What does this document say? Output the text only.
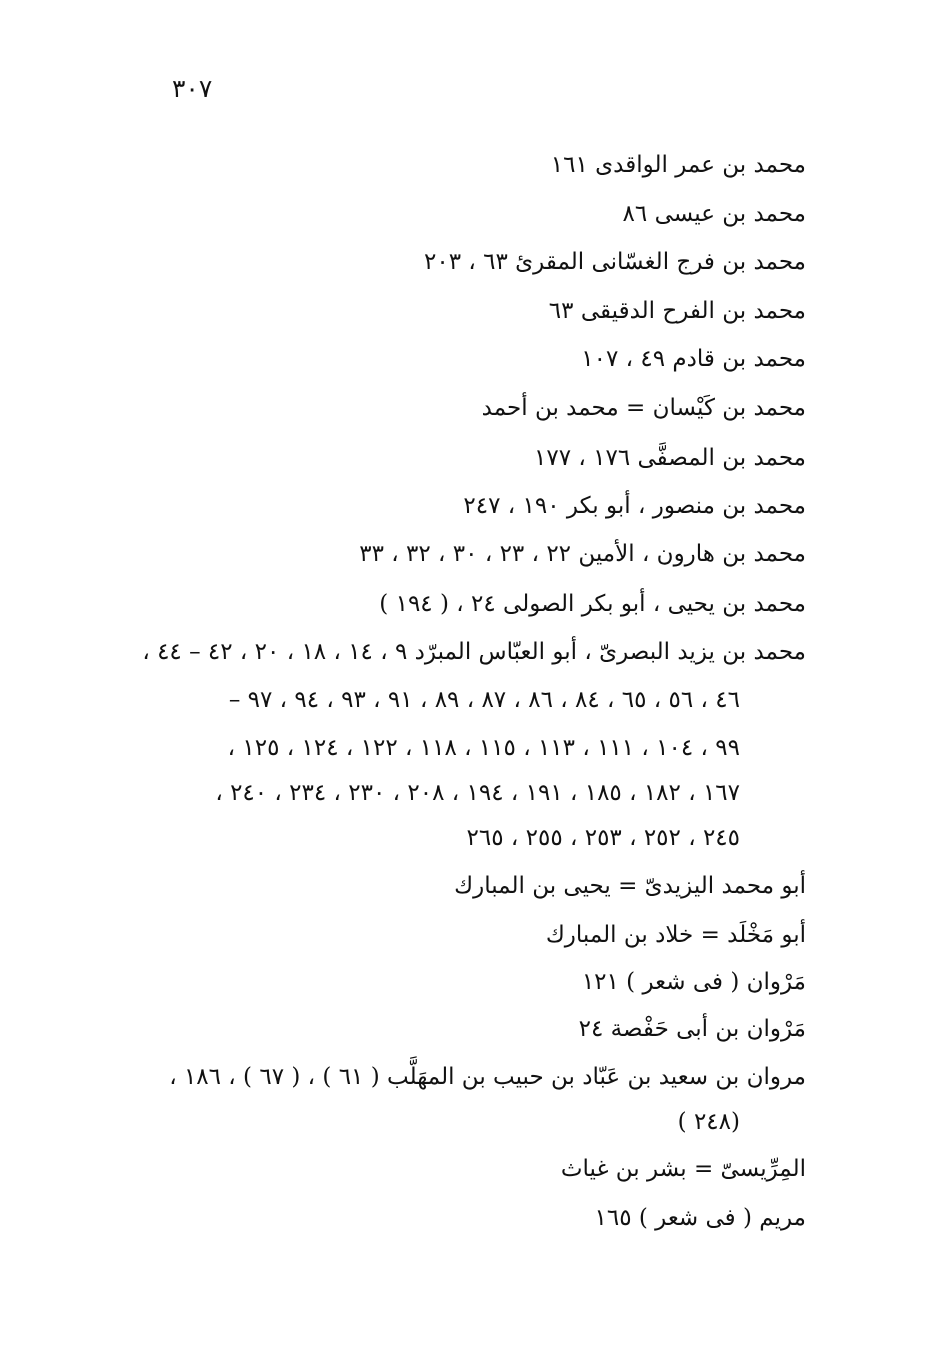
٣٠٧
محمد بن عمر الواقدى ١٦١
محمد بن عيسى ٨٦
محمد بن فرج الغسّانى المقرئ ٦٣ ، ٢٠٣
محمد بن الفرح الدقيقى ٦٣
محمد بن قادم ٤٩ ، ١٠٧
محمد بن كَيْسان = محمد بن أحمد
محمد بن المصفَّى ١٧٦ ، ١٧٧
محمد بن منصور ، أبو بكر ١٩٠ ، ٢٤٧
محمد بن هارون ، الأمين ٢٢ ، ٢٣ ، ٣٠ ، ٣٢ ، ٣٣
محمد بن يحيى ، أبو بكر الصولى ٢٤ ، ( ١٩٤ )
محمد بن يزيد البصرىّ ، أبو العبّاس المبرّد ٩ ، ١٤ ، ١٨ ، ٢٠ ، ٤٢ – ٤٤ ،
٤٦ ، ٥٦ ، ٦٥ ، ٨٤ ، ٨٦ ، ٨٧ ، ٨٩ ، ٩١ ، ٩٣ ، ٩٤ ، ٩٧ –
٩٩ ، ١٠٤ ، ١١١ ، ١١٣ ، ١١٥ ، ١١٨ ، ١٢٢ ، ١٢٤ ، ١٢٥ ،
١٦٧ ، ١٨٢ ، ١٨٥ ، ١٩١ ، ١٩٤ ، ٢٠٨ ، ٢٣٠ ، ٢٣٤ ، ٢٤٠ ،
٢٤٥ ، ٢٥٢ ، ٢٥٣ ، ٢٥٥ ، ٢٦٥
أبو محمد اليزيدىّ = يحيى بن المبارك
أبو مَخْلَد = خلاد بن المبارك
مَرْوان ( فى شعر ) ١٢١
مَرْوان بن أبى حَفْصة ٢٤
مروان بن سعيد بن عَبّاد بن حبيب بن المهَلَّب ( ٦١ ) ، ( ٦٧ ) ، ١٨٦ ،
(٢٤٨ )
المِرِّيسىّ = بشر بن غياث
مريم ( فى شعر ) ١٦٥
